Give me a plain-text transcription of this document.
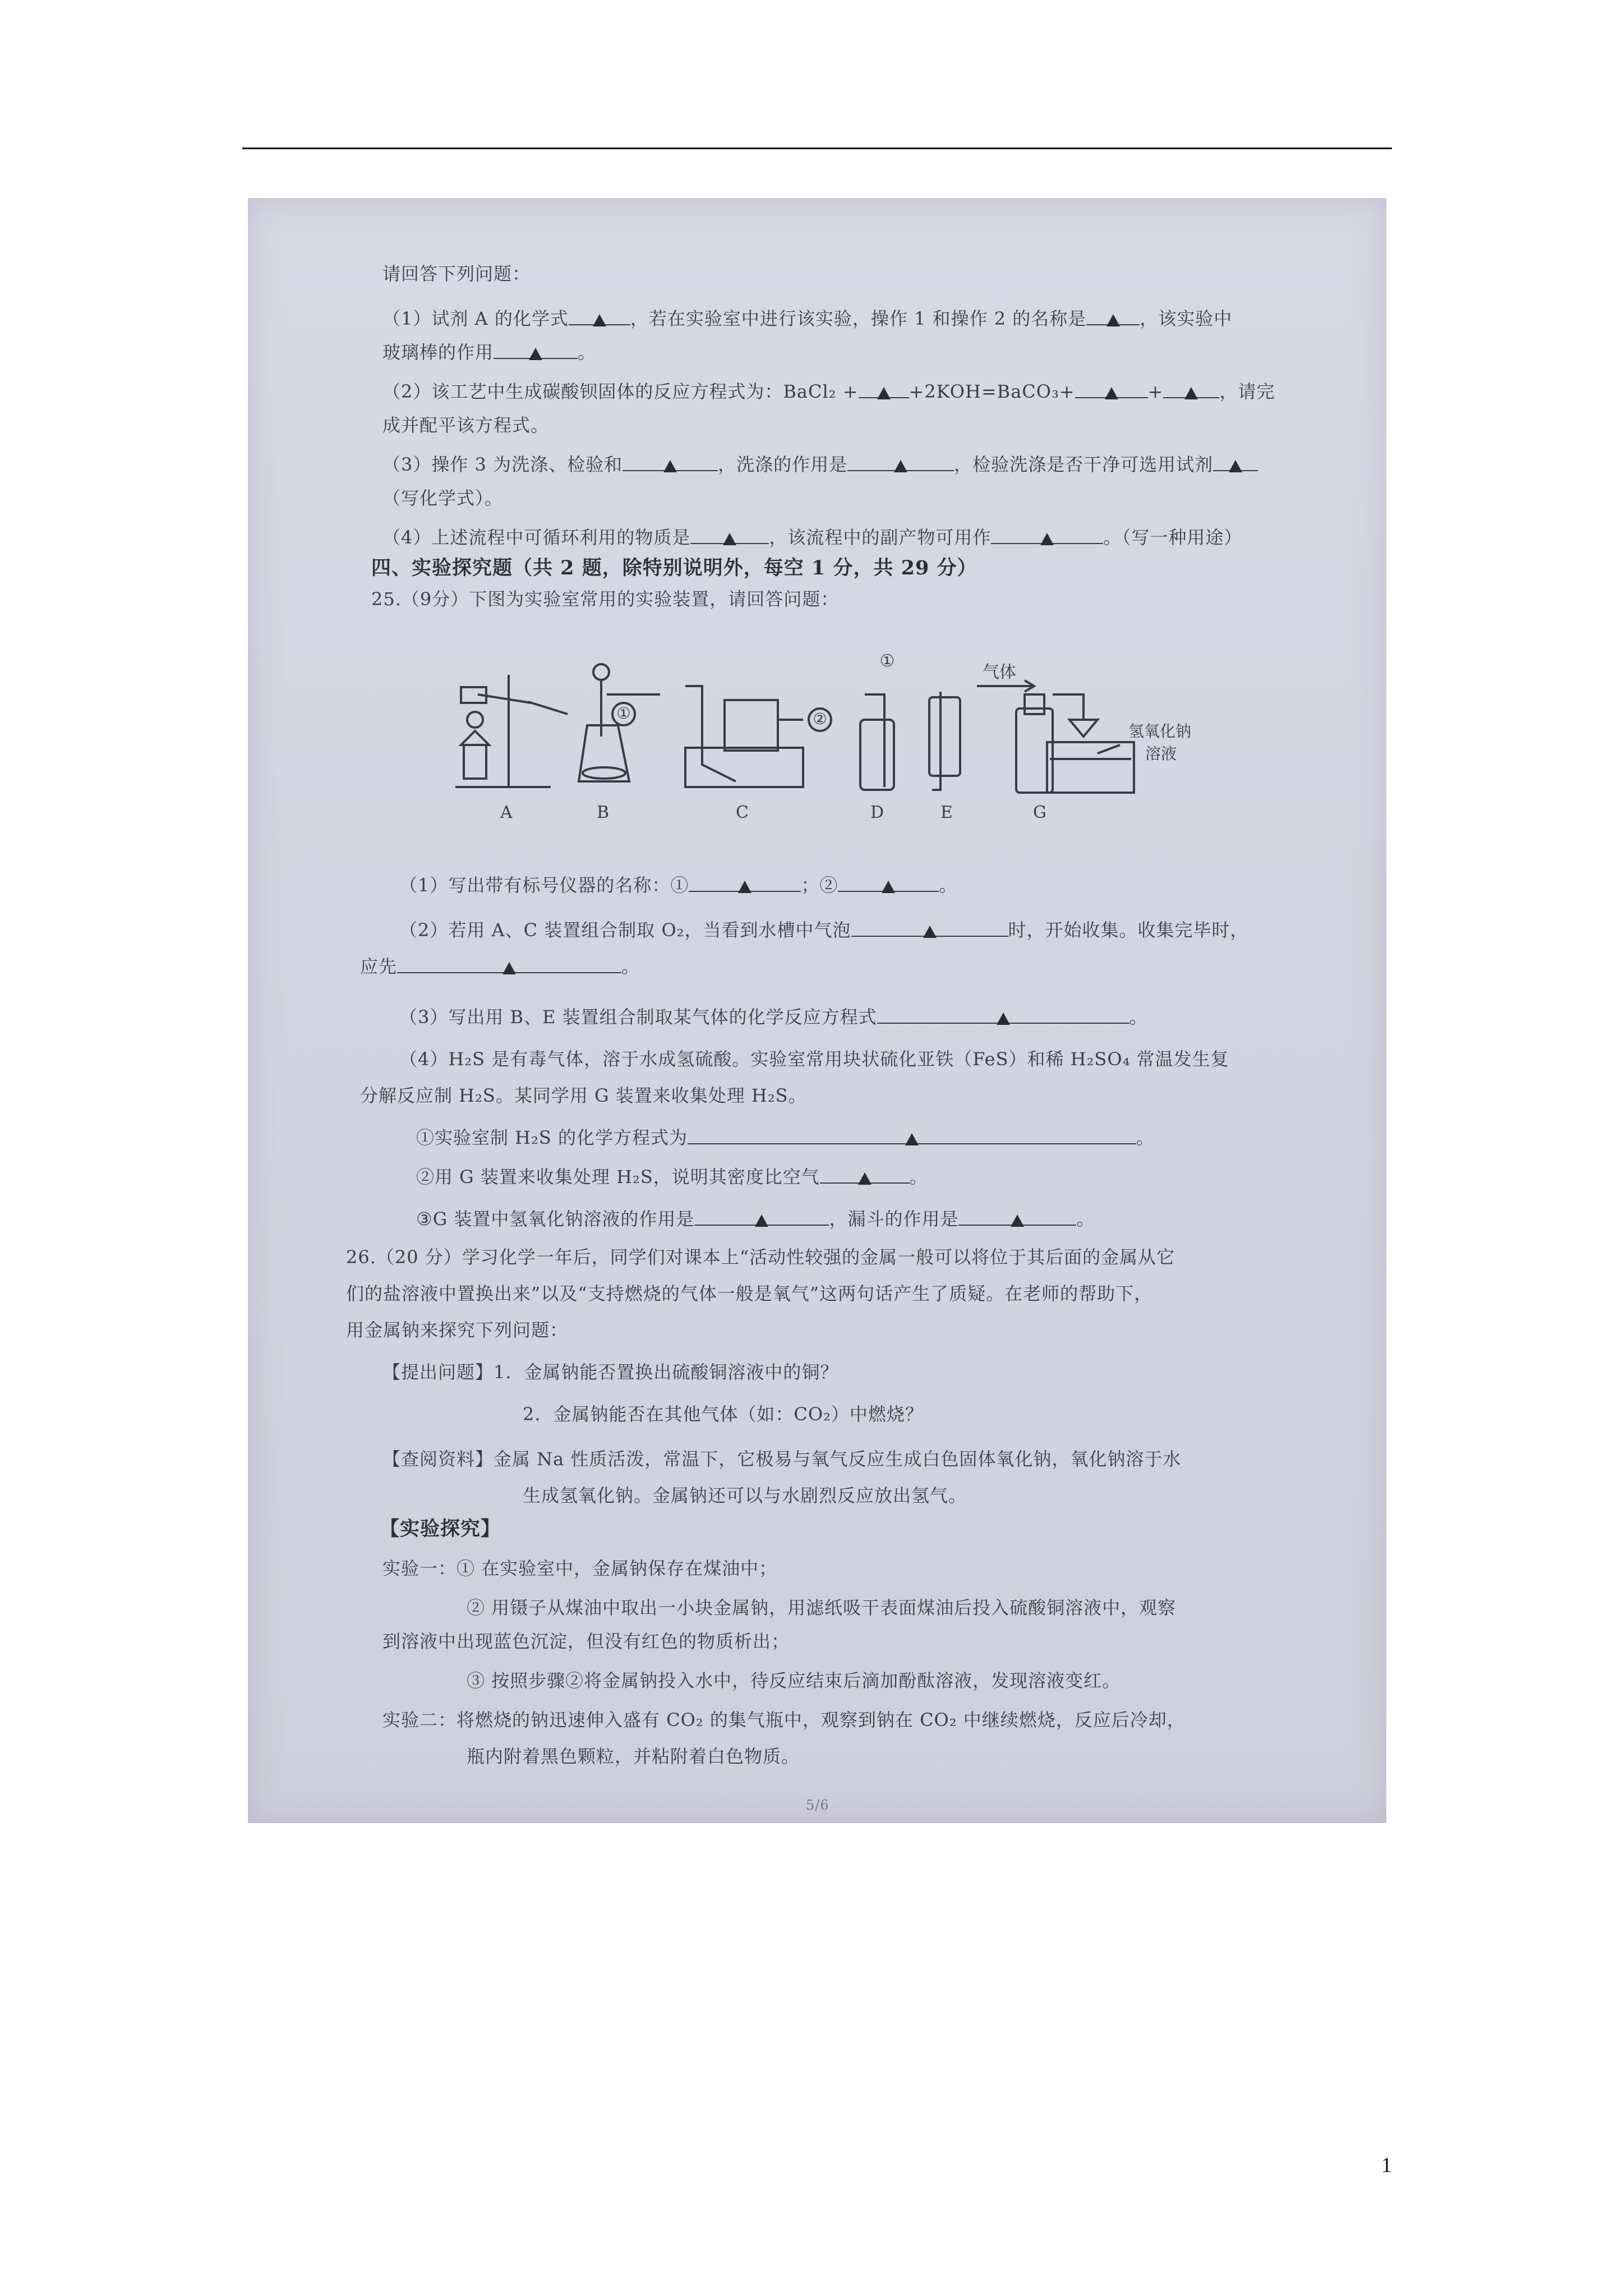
请回答下列问题：
（1）试剂 A 的化学式	，若在实验室中进行该实验，操作 1 和操作 2 的名称是	，该实验中
玻璃棒的作用	。
（2）该工艺中生成碳酸钡固体的反应方程式为：BaCl₂ +	+2KOH=BaCO₃+	+	，请完
成并配平该方程式。
（3）操作 3 为洗涤、检验和	，洗涤的作用是	，检验洗涤是否干净可选用试剂
（写化学式）。
（4）上述流程中可循环利用的物质是	，该流程中的副产物可用作	。（写一种用途）
四、实验探究题（共 2 题，除特别说明外，每空 1 分，共 29 分）
25.（9分）下图为实验室常用的实验装置，请回答问题：
①
①	②
气体
氢氧化钠
溶液
A	B	C	D	E	G
（1）写出带有标号仪器的名称：①	；②	。
（2）若用 A、C 装置组合制取 O₂，当看到水槽中气泡	时，开始收集。收集完毕时，
应先	。
（3）写出用 B、E 装置组合制取某气体的化学反应方程式	。
（4）H₂S 是有毒气体，溶于水成氢硫酸。实验室常用块状硫化亚铁（FeS）和稀 H₂SO₄ 常温发生复
分解反应制 H₂S。某同学用 G 装置来收集处理 H₂S。
①实验室制 H₂S 的化学方程式为	。
②用 G 装置来收集处理 H₂S，说明其密度比空气	。
③G 装置中氢氧化钠溶液的作用是	，漏斗的作用是	。
26.（20 分）学习化学一年后，同学们对课本上“活动性较强的金属一般可以将位于其后面的金属从它
们的盐溶液中置换出来”以及“支持燃烧的气体一般是氧气”这两句话产生了质疑。在老师的帮助下，
用金属钠来探究下列问题：
【提出问题】1．金属钠能否置换出硫酸铜溶液中的铜？
2．金属钠能否在其他气体（如：CO₂）中燃烧？
【查阅资料】金属 Na 性质活泼，常温下，它极易与氧气反应生成白色固体氧化钠，氧化钠溶于水
生成氢氧化钠。金属钠还可以与水剧烈反应放出氢气。
【实验探究】
实验一：① 在实验室中，金属钠保存在煤油中；
② 用镊子从煤油中取出一小块金属钠，用滤纸吸干表面煤油后投入硫酸铜溶液中，观察
到溶液中出现蓝色沉淀，但没有红色的物质析出；
③ 按照步骤②将金属钠投入水中，待反应结束后滴加酚酞溶液，发现溶液变红。
实验二：将燃烧的钠迅速伸入盛有 CO₂ 的集气瓶中，观察到钠在 CO₂ 中继续燃烧，反应后冷却，
瓶内附着黑色颗粒，并粘附着白色物质。
5/6
1
